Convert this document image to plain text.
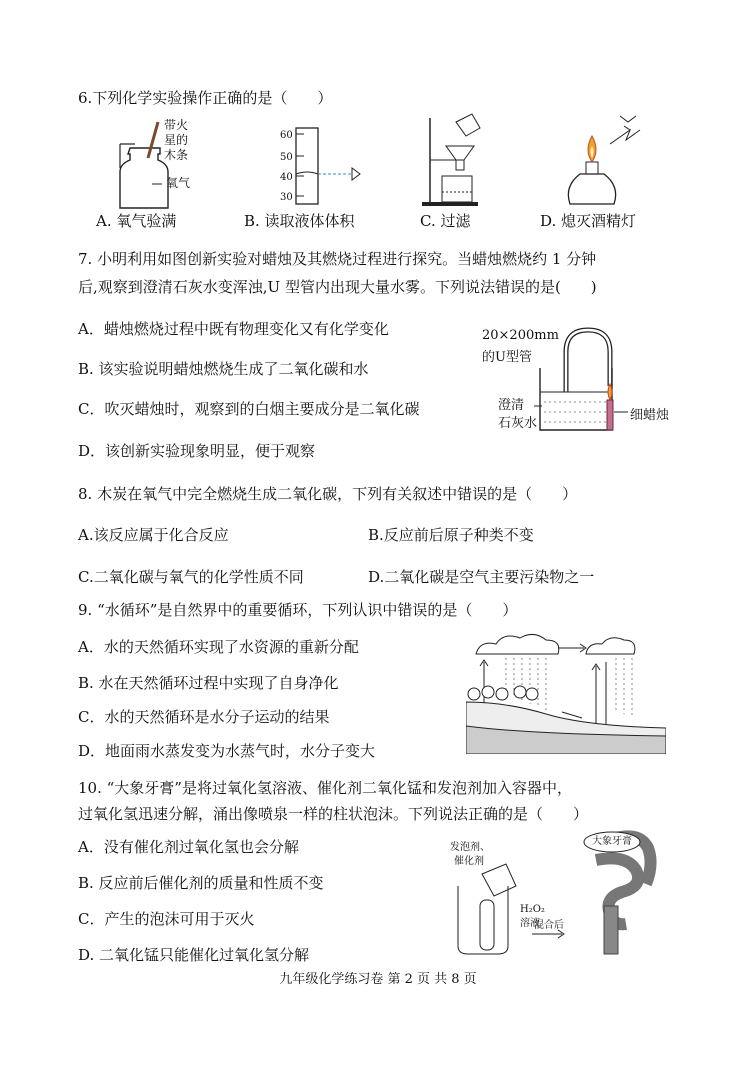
6.下列化学实验操作正确的是（　　）
带火
星的
木条
氧气
60
50
40
30
A. 氧气验满	B. 读取液体体积	C. 过滤	D. 熄灭酒精灯
7. 小明利用如图创新实验对蜡烛及其燃烧过程进行探究。当蜡烛燃烧约 1 分钟
后,观察到澄清石灰水变浑浊,U 型管内出现大量水雾。下列说法错误的是(　　)
A．蜡烛燃烧过程中既有物理变化又有化学变化
B. 该实验说明蜡烛燃烧生成了二氧化碳和水
C．吹灭蜡烛时，观察到的白烟主要成分是二氧化碳
D．该创新实验现象明显，便于观察
20×200mm
的U型管
澄清
石灰水
细蜡烛
8. 木炭在氧气中完全燃烧生成二氧化碳，下列有关叙述中错误的是（　　）
A.该反应属于化合反应	B.反应前后原子种类不变
C.二氧化碳与氧气的化学性质不同	D.二氧化碳是空气主要污染物之一
9. “水循环”是自然界中的重要循环，下列认识中错误的是（　　）
A．水的天然循环实现了水资源的重新分配
B. 水在天然循环过程中实现了自身净化
C．水的天然循环是水分子运动的结果
D．地面雨水蒸发变为水蒸气时，水分子变大
10. “大象牙膏”是将过氧化氢溶液、催化剂二氧化锰和发泡剂加入容器中，
过氧化氢迅速分解，涌出像喷泉一样的柱状泡沫。下列说法正确的是（　　）
A．没有催化剂过氧化氢也会分解
B. 反应前后催化剂的质量和性质不变
C．产生的泡沫可用于灭火
D. 二氧化锰只能催化过氧化氢分解
发泡剂、
催化剂
H₂O₂
溶液
混合后
大象牙膏
九年级化学练习卷 第 2 页 共 8 页
